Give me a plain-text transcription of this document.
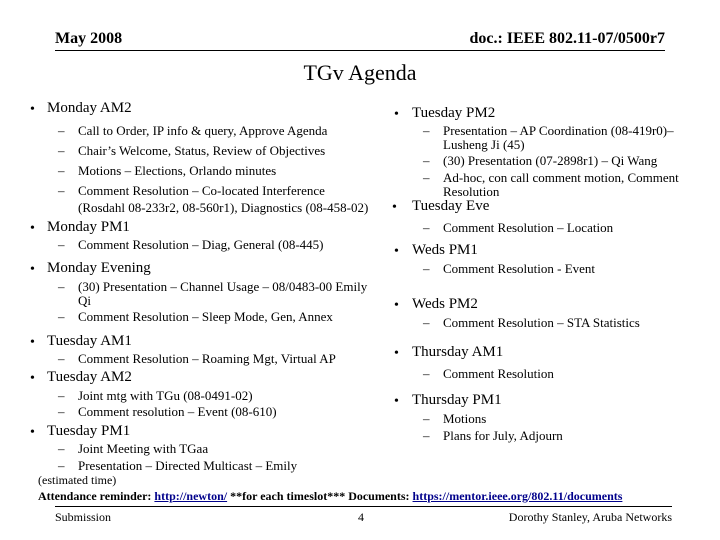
May 2008	doc.: IEEE 802.11-07/0500r7
TGv Agenda
• Monday AM2
– Call to Order, IP info & query, Approve Agenda
– Chair’s Welcome, Status, Review of Objectives
– Motions – Elections, Orlando minutes
– Comment Resolution – Co-located Interference
(Rosdahl 08-233r2, 08-560r1), Diagnostics (08-458-02)
• Monday PM1
– Comment Resolution – Diag, General (08-445)
• Monday Evening
– (30) Presentation – Channel Usage – 08/0483-00 Emily
Qi
– Comment Resolution – Sleep Mode, Gen, Annex
• Tuesday AM1
– Comment Resolution – Roaming Mgt, Virtual AP
• Tuesday AM2
– Joint mtg with TGu (08-0491-02)
– Comment resolution – Event (08-610)
• Tuesday PM1
– Joint Meeting with TGaa
– Presentation – Directed Multicast – Emily
• Tuesday PM2
– Presentation – AP Coordination (08-419r0)–
Lusheng Ji (45)
– (30) Presentation (07-2898r1) – Qi Wang
– Ad-hoc, con call comment motion, Comment
Resolution
• Tuesday Eve
– Comment Resolution – Location
• Weds PM1
– Comment Resolution - Event
• Weds PM2
– Comment Resolution – STA Statistics
• Thursday AM1
– Comment Resolution
• Thursday PM1
– Motions
– Plans for July, Adjourn
(estimated time)
Attendance reminder: http://newton/ **for each timeslot*** Documents: https://mentor.ieee.org/802.11/documents
Submission	4	Dorothy Stanley, Aruba Networks
